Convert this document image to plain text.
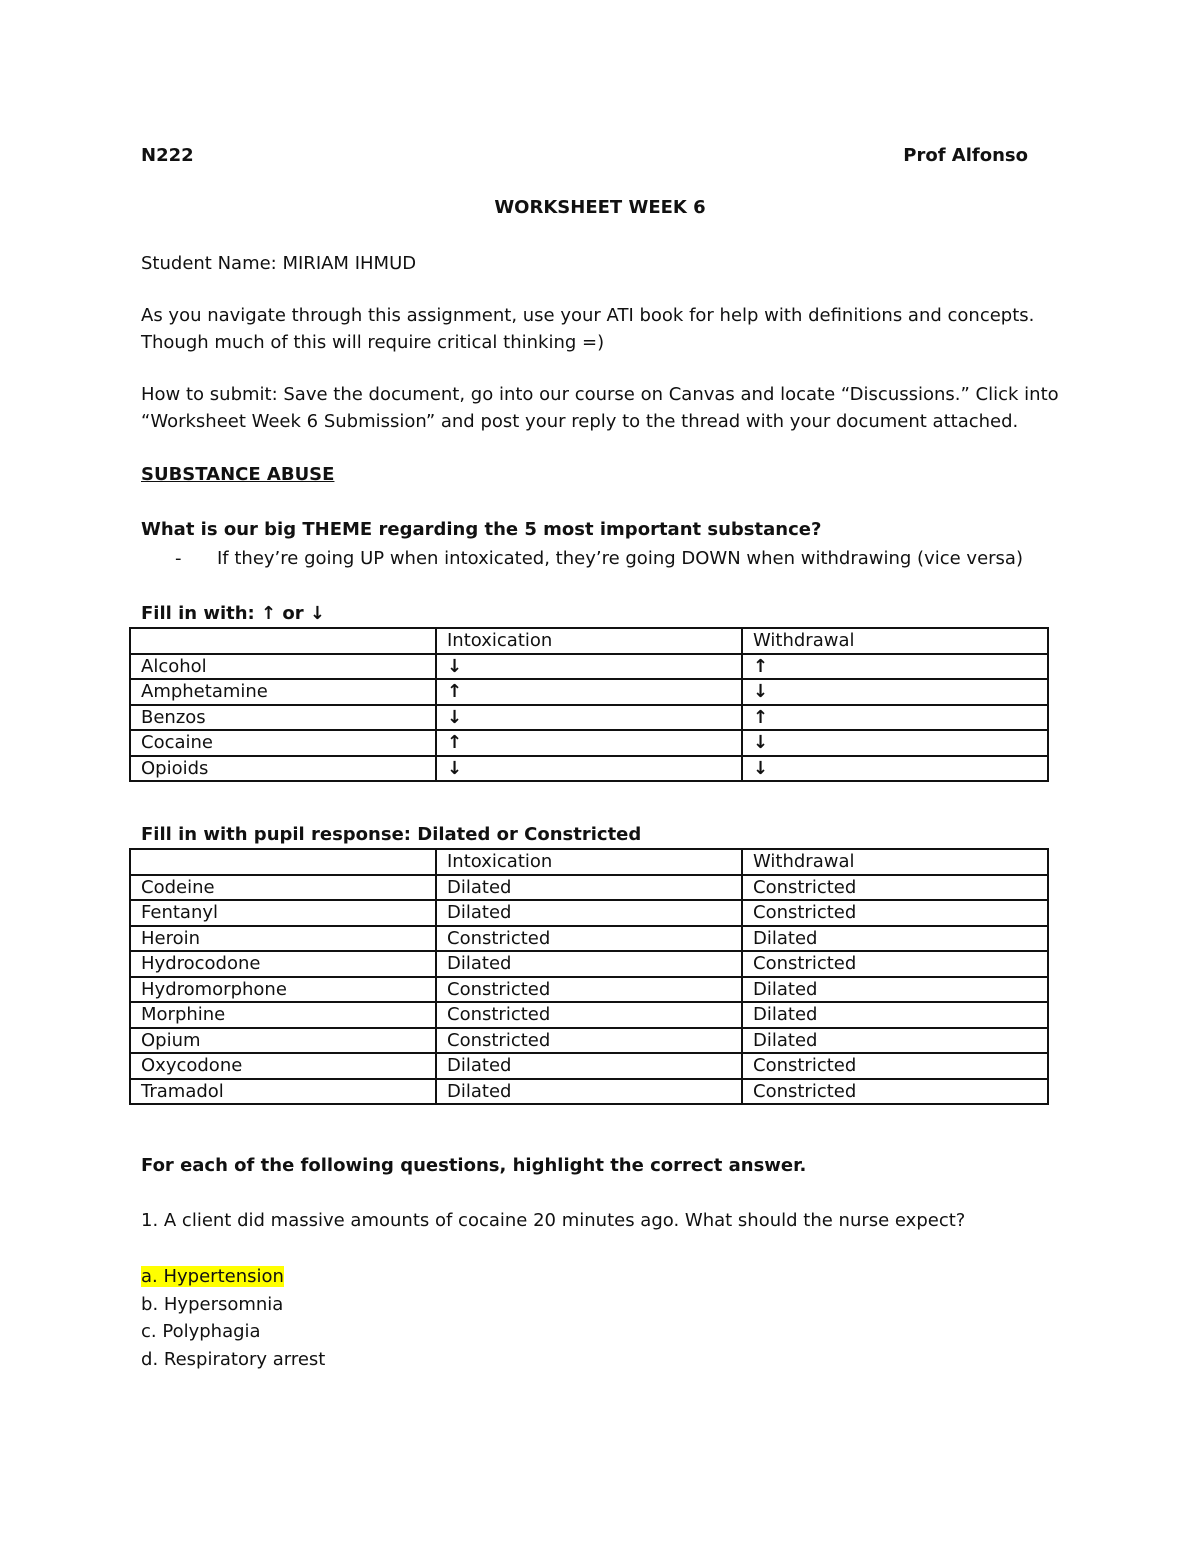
N222	Prof Alfonso
WORKSHEET WEEK 6
Student Name: MIRIAM IHMUD
As you navigate through this assignment, use your ATI book for help with definitions and concepts.
Though much of this will require critical thinking =)
How to submit: Save the document, go into our course on Canvas and locate “Discussions.” Click into
“Worksheet Week 6 Submission” and post your reply to the thread with your document attached.
SUBSTANCE ABUSE
What is our big THEME regarding the 5 most important substance?
- If they’re going UP when intoxicated, they’re going DOWN when withdrawing (vice versa)
Fill in with: ↑ or ↓
	Intoxication	Withdrawal
Alcohol	↓	↑
Amphetamine	↑	↓
Benzos	↓	↑
Cocaine	↑	↓
Opioids	↓	↓
Fill in with pupil response: Dilated or Constricted
	Intoxication	Withdrawal
Codeine	Dilated	Constricted
Fentanyl	Dilated	Constricted
Heroin	Constricted	Dilated
Hydrocodone	Dilated	Constricted
Hydromorphone	Constricted	Dilated
Morphine	Constricted	Dilated
Opium	Constricted	Dilated
Oxycodone	Dilated	Constricted
Tramadol	Dilated	Constricted
For each of the following questions, highlight the correct answer.
1. A client did massive amounts of cocaine 20 minutes ago. What should the nurse expect?
a. Hypertension
b. Hypersomnia
c. Polyphagia
d. Respiratory arrest
